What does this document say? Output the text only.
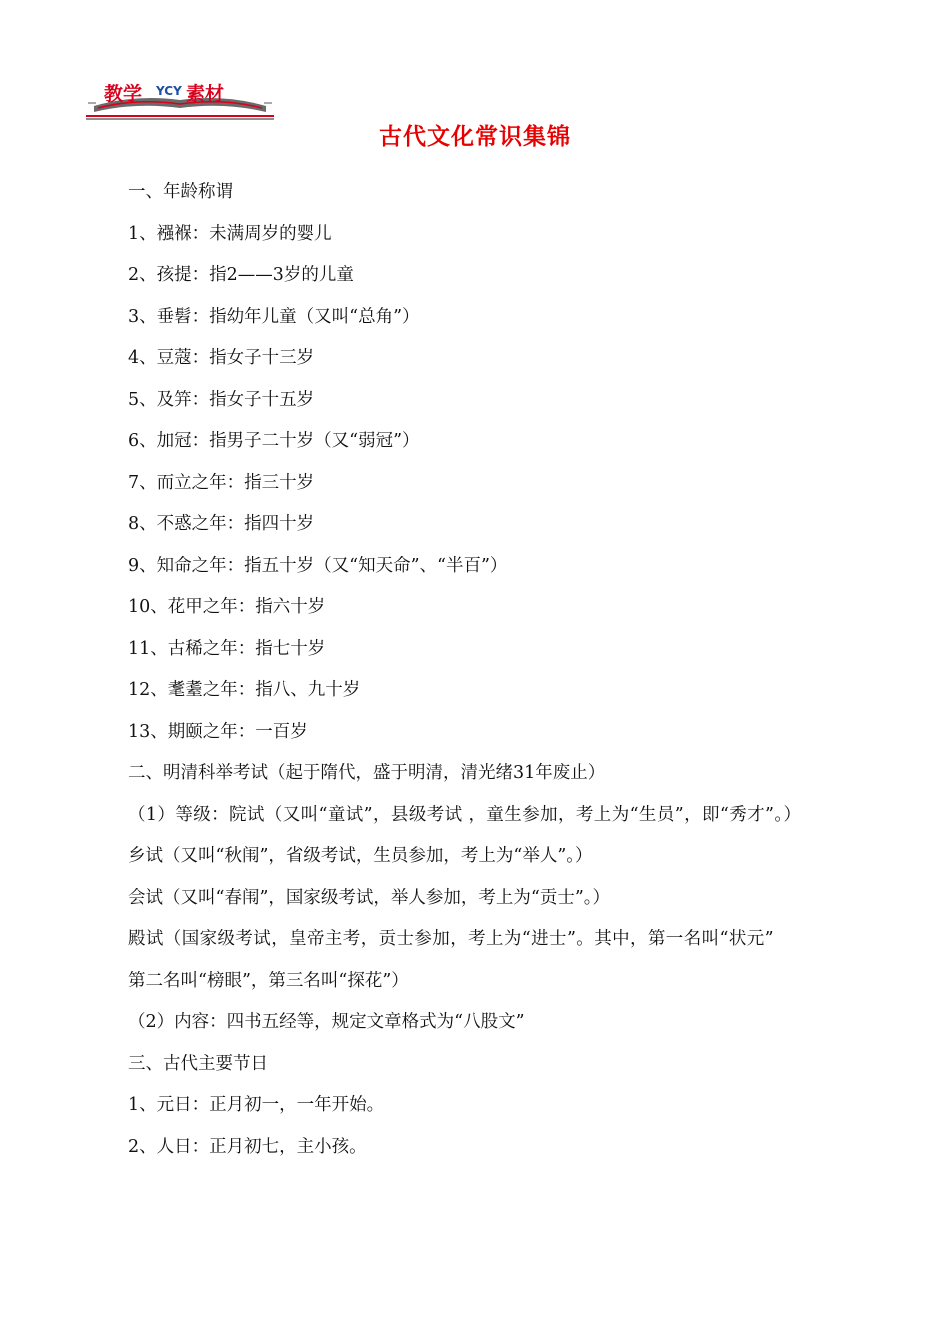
教学 YCY 素材
古代文化常识集锦

一、年龄称谓

1、襁褓：未满周岁的婴儿

2、孩提：指2——3岁的儿童

3、垂髫：指幼年儿童（又叫“总角”）

4、豆蔻：指女子十三岁

5、及笄：指女子十五岁

6、加冠：指男子二十岁（又“弱冠”）

7、而立之年：指三十岁

8、不惑之年：指四十岁

9、知命之年：指五十岁（又“知天命”、“半百”）

10、花甲之年：指六十岁

11、古稀之年：指七十岁

12、耄耋之年：指八、九十岁

13、期颐之年：一百岁

二、明清科举考试（起于隋代，盛于明清，清光绪31年废止）

（1）等级：院试（又叫“童试”，县级考试 ，童生参加，考上为“生员”，即“秀才”。）

乡试（又叫“秋闱”，省级考试，生员参加，考上为“举人”。）

会试（又叫“春闱”，国家级考试，举人参加，考上为“贡士”。）

殿试（国家级考试，皇帝主考，贡士参加，考上为“进士”。其中，第一名叫“状元”

第二名叫“榜眼”，第三名叫“探花”）

（2）内容：四书五经等，规定文章格式为“八股文”

三、古代主要节日

1、元日：正月初一，一年开始。

2、人日：正月初七，主小孩。
